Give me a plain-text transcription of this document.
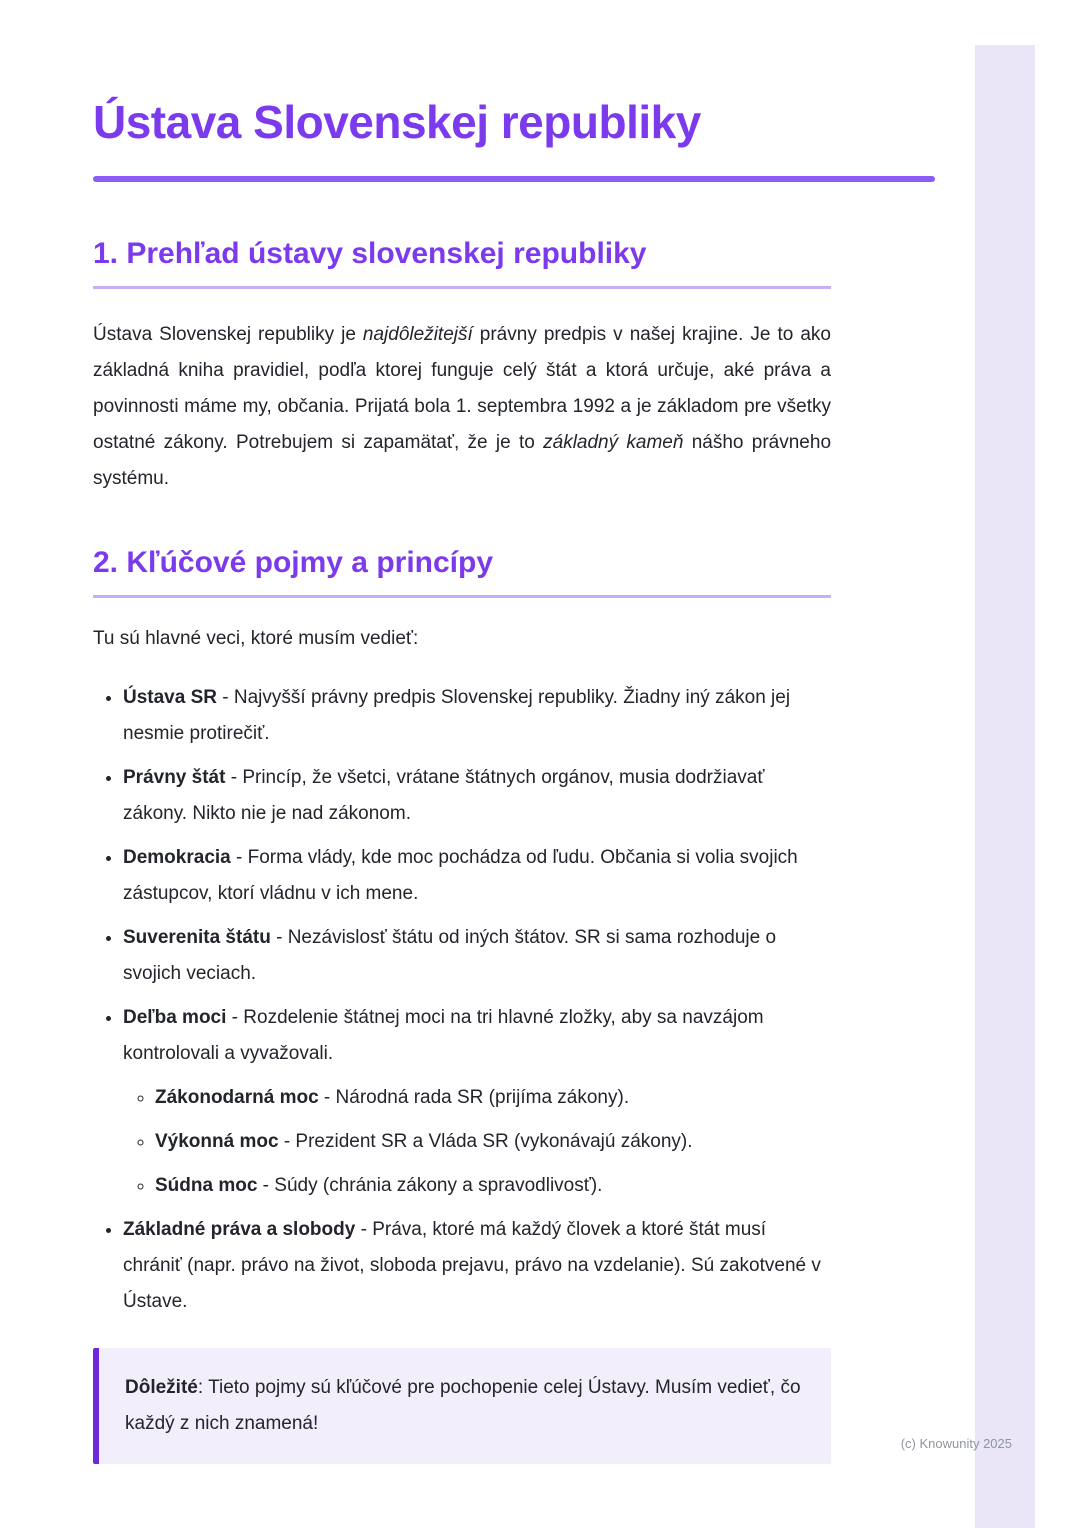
Ústava Slovenskej republiky
1. Prehľad ústavy slovenskej republiky

Ústava Slovenskej republiky je najdôležitejší právny predpis v našej krajine. Je to ako základná kniha pravidiel, podľa ktorej funguje celý štát a ktorá určuje, aké práva a povinnosti máme my, občania. Prijatá bola 1. septembra 1992 a je základom pre všetky ostatné zákony. Potrebujem si zapamätať, že je to základný kameň nášho právneho systému.

2. Kľúčové pojmy a princípy

Tu sú hlavné veci, ktoré musím vedieť:

• Ústava SR - Najvyšší právny predpis Slovenskej republiky. Žiadny iný zákon jej nesmie protirečiť.
• Právny štát - Princíp, že všetci, vrátane štátnych orgánov, musia dodržiavať zákony. Nikto nie je nad zákonom.
• Demokracia - Forma vlády, kde moc pochádza od ľudu. Občania si volia svojich zástupcov, ktorí vládnu v ich mene.
• Suverenita štátu - Nezávislosť štátu od iných štátov. SR si sama rozhoduje o svojich veciach.
• Deľba moci - Rozdelenie štátnej moci na tri hlavné zložky, aby sa navzájom kontrolovali a vyvažovali.
◦ Zákonodarná moc - Národná rada SR (prijíma zákony).
◦ Výkonná moc - Prezident SR a Vláda SR (vykonávajú zákony).
◦ Súdna moc - Súdy (chránia zákony a spravodlivosť).
• Základné práva a slobody - Práva, ktoré má každý človek a ktoré štát musí chrániť (napr. právo na život, sloboda prejavu, právo na vzdelanie). Sú zakotvené v Ústave.
Dôležité: Tieto pojmy sú kľúčové pre pochopenie celej Ústavy. Musím vedieť, čo každý z nich znamená!
(c) Knowunity 2025
